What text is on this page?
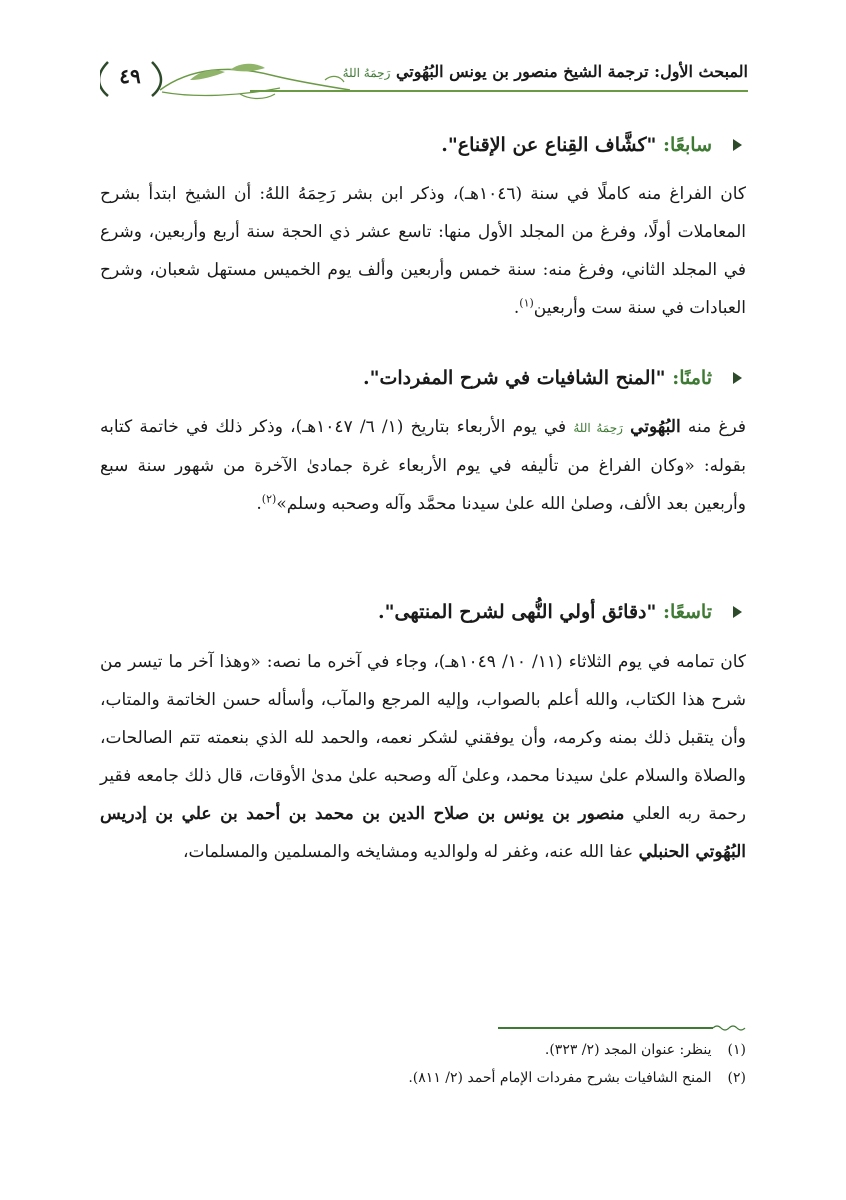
المبحث الأول: ترجمة الشيخ منصور بن يونس البُهُوتي رَحِمَهُ اللهُ
٤٩
سابعًا: "كشَّاف القِناع عن الإقناع".

كان الفراغ منه كاملًا في سنة (١٠٤٦هـ)، وذكر ابن بشر رَحِمَهُ اللهُ: أن الشيخ ابتدأ بشرح المعاملات أولًا، وفرغ من المجلد الأول منها: تاسع عشر ذي الحجة سنة أربع وأربعين، وشرع في المجلد الثاني، وفرغ منه: سنة خمس وأربعين وألف يوم الخميس مستهل شعبان، وشرح العبادات في سنة ست وأربعين$^{(١)}$.

ثامنًا: "المنح الشافيات في شرح المفردات".

فرغ منه البُهُوتي رَحِمَهُ اللهُ في يوم الأربعاء بتاريخ (١/ ٦/ ١٠٤٧هـ)، وذكر ذلك في خاتمة كتابه بقوله: «وكان الفراغ من تأليفه في يوم الأربعاء غرة جمادىٰ الآخرة من شهور سنة سبع وأربعين بعد الألف، وصلىٰ الله علىٰ سيدنا محمَّد وآله وصحبه وسلم»$^{(٢)}$.

تاسعًا: "دقائق أولي النُّهى لشرح المنتهى".

كان تمامه في يوم الثلاثاء (١١/ ١٠/ ١٠٤٩هـ)، وجاء في آخره ما نصه: «وهذا آخر ما تيسر من شرح هذا الكتاب، والله أعلم بالصواب، وإليه المرجع والمآب، وأسأله حسن الخاتمة والمتاب، وأن يتقبل ذلك بمنه وكرمه، وأن يوفقني لشكر نعمه، والحمد لله الذي بنعمته تتم الصالحات، والصلاة والسلام علىٰ سيدنا محمد، وعلىٰ آله وصحبه علىٰ مدىٰ الأوقات، قال ذلك جامعه فقير رحمة ربه العلي منصور بن يونس بن صلاح الدين بن محمد بن أحمد بن علي بن إدريس البُهُوتي الحنبلي عفا الله عنه، وغفر له ولوالديه ومشايخه والمسلمين والمسلمات،

(١) ينظر: عنوان المجد (٢/ ٣٢٣).
(٢) المنح الشافيات بشرح مفردات الإمام أحمد (٢/ ٨١١).
